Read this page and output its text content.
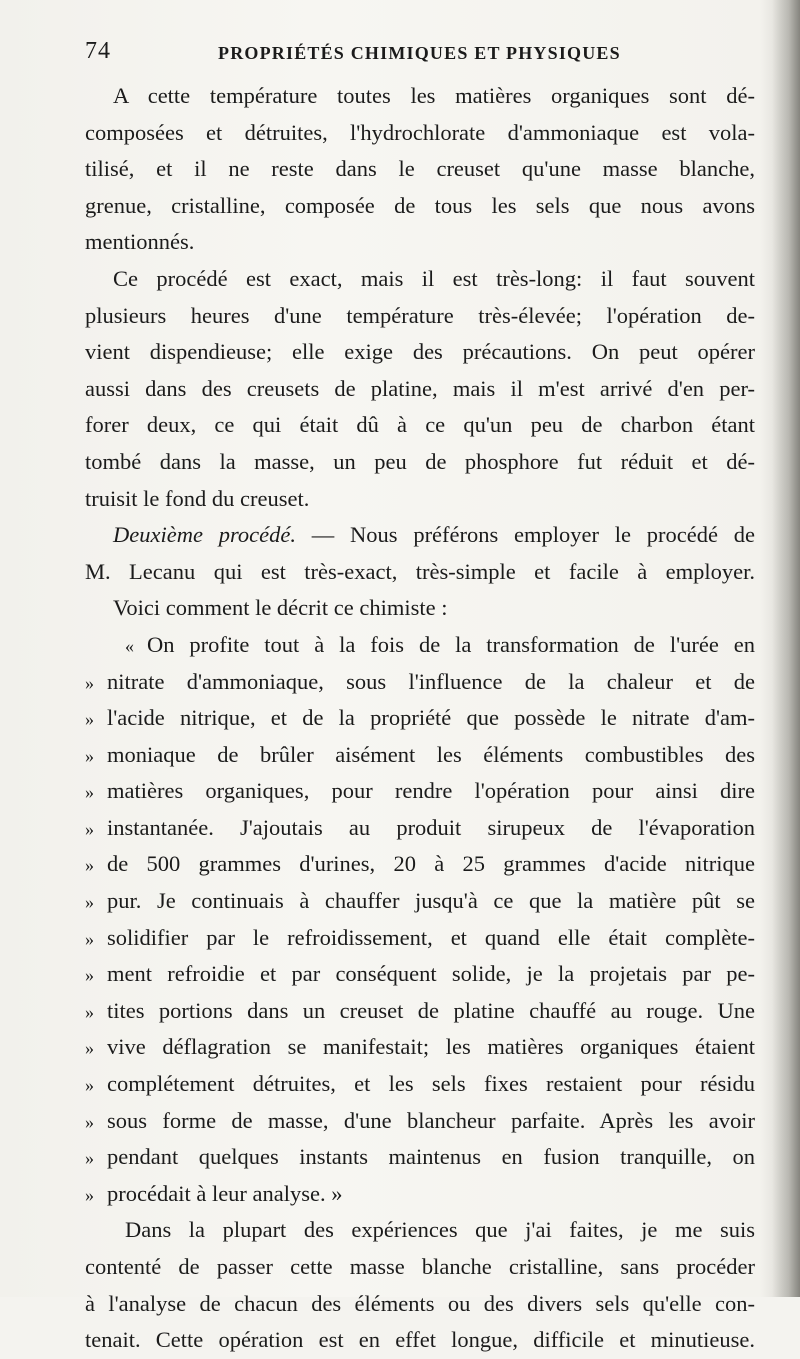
74	PROPRIÉTÉS CHIMIQUES ET PHYSIQUES
A cette température toutes les matières organiques sont dé-
composées et détruites, l'hydrochlorate d'ammoniaque est vola-
tilisé, et il ne reste dans le creuset qu'une masse blanche,
grenue, cristalline, composée de tous les sels que nous avons
mentionnés.
Ce procédé est exact, mais il est très-long: il faut souvent
plusieurs heures d'une température très-élevée; l'opération de-
vient dispendieuse; elle exige des précautions. On peut opérer
aussi dans des creusets de platine, mais il m'est arrivé d'en per-
forer deux, ce qui était dû à ce qu'un peu de charbon étant
tombé dans la masse, un peu de phosphore fut réduit et dé-
truisit le fond du creuset.
Deuxième procédé. — Nous préférons employer le procédé de
M. Lecanu qui est très-exact, très-simple et facile à employer.
Voici comment le décrit ce chimiste :
« On profite tout à la fois de la transformation de l'urée en
» nitrate d'ammoniaque, sous l'influence de la chaleur et de
» l'acide nitrique, et de la propriété que possède le nitrate d'am-
» moniaque de brûler aisément les éléments combustibles des
» matières organiques, pour rendre l'opération pour ainsi dire
» instantanée. J'ajoutais au produit sirupeux de l'évaporation
» de 500 grammes d'urines, 20 à 25 grammes d'acide nitrique
» pur. Je continuais à chauffer jusqu'à ce que la matière pût se
» solidifier par le refroidissement, et quand elle était complète-
» ment refroidie et par conséquent solide, je la projetais par pe-
» tites portions dans un creuset de platine chauffé au rouge. Une
» vive déflagration se manifestait; les matières organiques étaient
» complétement détruites, et les sels fixes restaient pour résidu
» sous forme de masse, d'une blancheur parfaite. Après les avoir
» pendant quelques instants maintenus en fusion tranquille, on
» procédait à leur analyse. »
Dans la plupart des expériences que j'ai faites, je me suis
contenté de passer cette masse blanche cristalline, sans procéder
à l'analyse de chacun des éléments ou des divers sels qu'elle con-
tenait. Cette opération est en effet longue, difficile et minutieuse.
